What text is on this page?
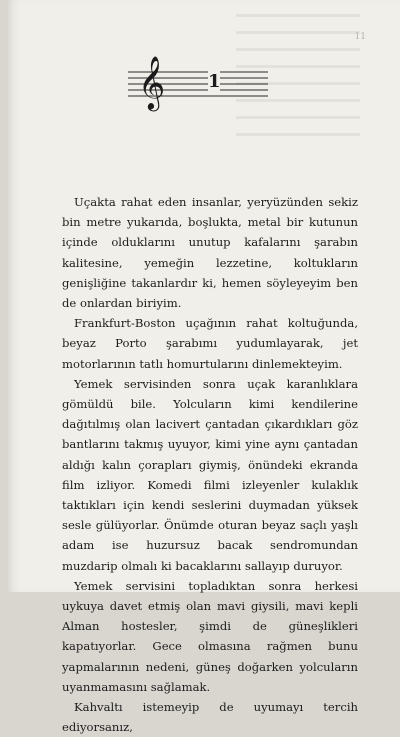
11
𝄞 1

Uçakta rahat eden insanlar, yeryüzünden sekiz bin metre yukarıda, boşlukta, metal bir kutunun içinde olduklarını unutup kafalarını şarabın kalitesine, yemeğin lezzetine, koltukların genişliğine takanlardır ki, hemen söyleyeyim ben de onlardan biriyim.

Frankfurt-Boston uçağının rahat koltuğunda, beyaz Porto şarabımı yudumlayarak, jet motorlarının tatlı homurtularını dinlemekteyim.

Yemek servisinden sonra uçak karanlıklara gömüldü bile. Yolcuların kimi kendilerine dağıtılmış olan lacivert çantadan çıkardıkları göz bantlarını takmış uyuyor, kimi yine aynı çantadan aldığı kalın çorapları giymiş, önündeki ekranda film izliyor. Komedi filmi izleyenler kulaklık taktıkları için kendi seslerini duymadan yüksek sesle gülüyorlar. Önümde oturan beyaz saçlı yaşlı adam ise huzursuz bacak sendromundan muzdarip olmalı ki bacaklarını sallayıp duruyor.

Yemek servisini topladıktan sonra herkesi uykuya davet etmiş olan mavi giysili, mavi kepli Alman hostesler, şimdi de güneşlikleri kapatıyorlar. Gece olmasına rağmen bunu yapmalarının nedeni, güneş doğarken yolcuların uyanmamasını sağlamak.

Kahvaltı istemeyip de uyumayı tercih ediyorsanız,
